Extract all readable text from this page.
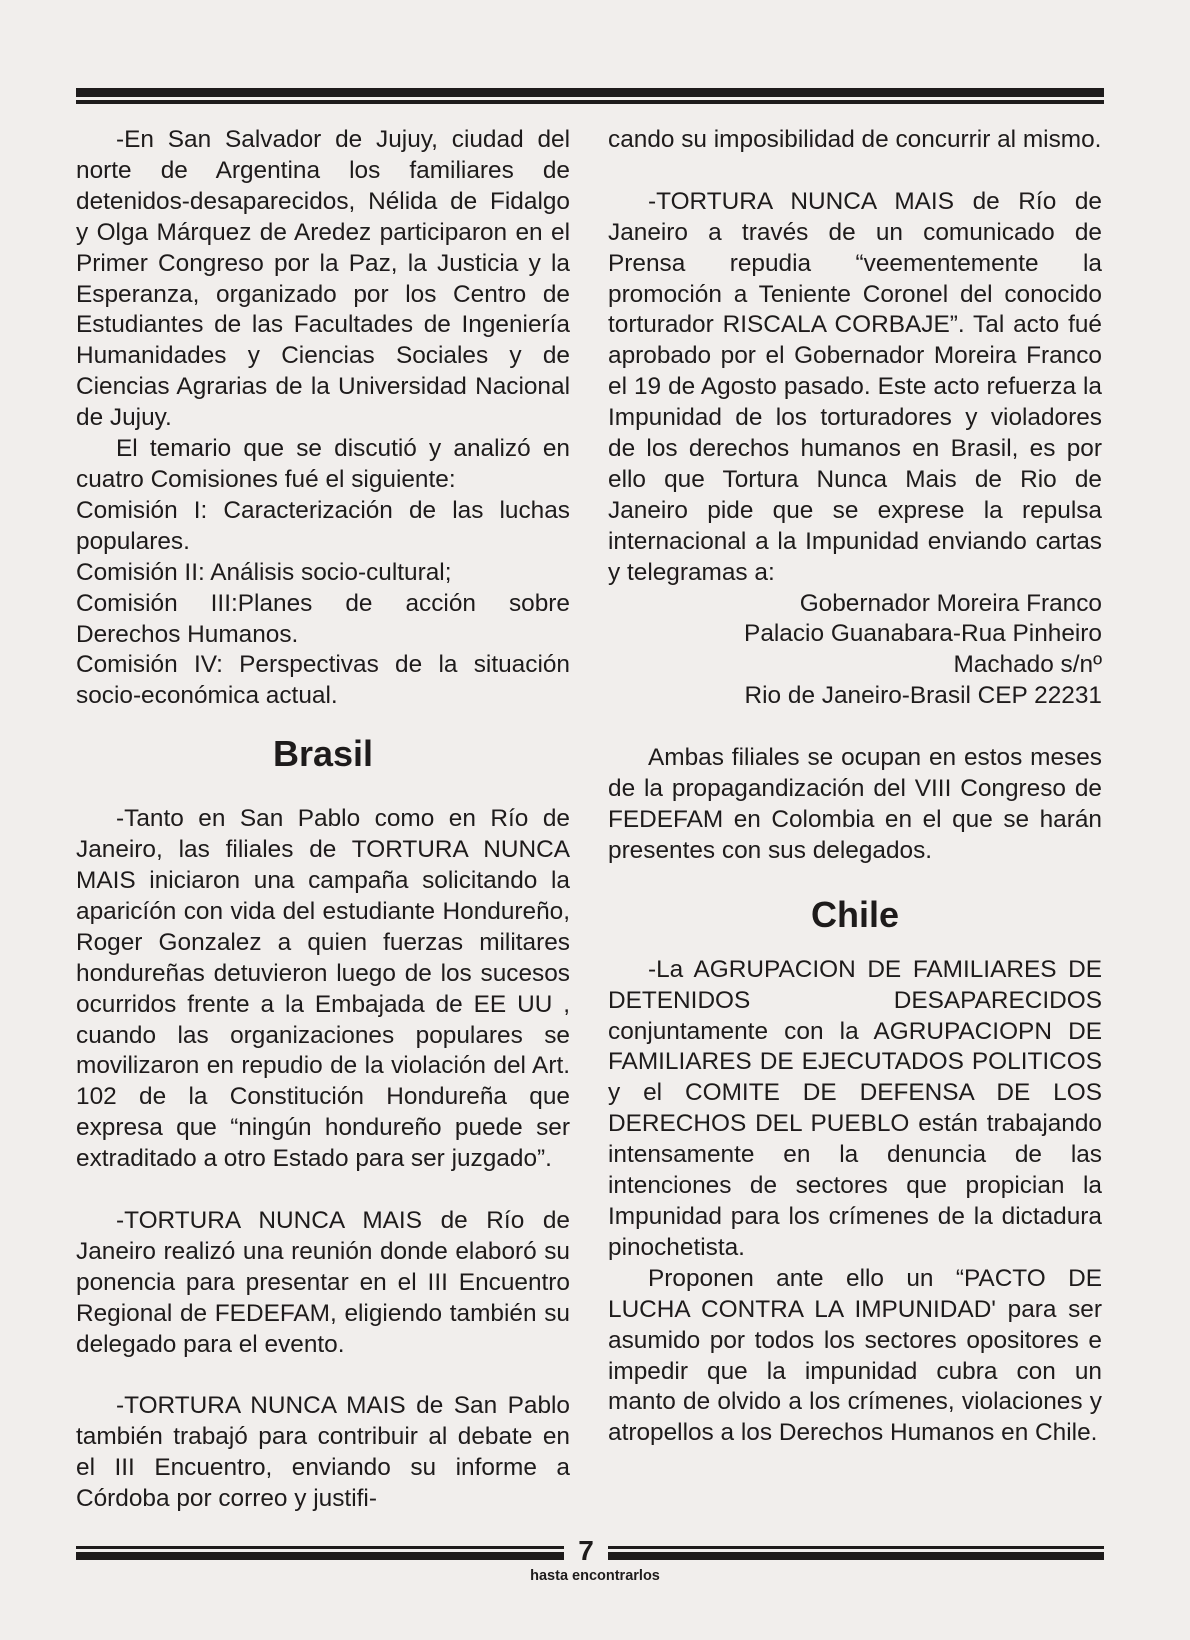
-En San Salvador de Jujuy, ciudad del norte de Argentina los familiares de detenidos-desaparecidos, Nélida de Fidalgo y Olga Márquez de Aredez participaron en el Primer Congreso por la Paz, la Justicia y la Esperanza, organizado por los Centro de Estudiantes de las Facultades de Ingeniería Humanidades y Ciencias Sociales y de Ciencias Agrarias de la Universidad Nacional de Jujuy.

El temario que se discutió y analizó en cuatro Comisiones fué el siguiente:

Comisión I: Caracterización de las luchas populares.

Comisión II: Análisis socio-cultural;

Comisión III:Planes de acción sobre Derechos Humanos.

Comisión IV: Perspectivas de la situación socio-económica actual.

Brasil

-Tanto en San Pablo como en Río de Janeiro, las filiales de TORTURA NUNCA MAIS iniciaron una campaña solicitando la aparicíón con vida del estudiante Hondureño, Roger Gonzalez a quien fuerzas militares hondureñas detuvieron luego de los sucesos ocurridos frente a la Embajada de EE UU , cuando las organizaciones populares se movilizaron en repudio de la violación del Art. 102 de la Constitución Hondureña que expresa que “ningún hondureño puede ser extraditado a otro Estado para ser juzgado”.

-TORTURA NUNCA MAIS de Río de Janeiro realizó una reunión donde elaboró su ponencia para presentar en el III Encuentro Regional de FEDEFAM, eligiendo también su delegado para el evento.

-TORTURA NUNCA MAIS de San Pablo también trabajó para contribuir al debate en el III Encuentro, enviando su informe a Córdoba por correo y justifi-

cando su imposibilidad de concurrir al mismo.

-TORTURA NUNCA MAIS de Río de Janeiro a través de un comunicado de Prensa repudia “veementemente la promoción a Teniente Coronel del conocido torturador RISCALA CORBAJE”. Tal acto fué aprobado por el Gobernador Moreira Franco el 19 de Agosto pasado. Este acto refuerza la Impunidad de los torturadores y violadores de los derechos humanos en Brasil, es por ello que Tortura Nunca Mais de Rio de Janeiro pide que se exprese la repulsa internacional a la Impunidad enviando cartas y telegramas a:

Gobernador Moreira Franco

Palacio Guanabara-Rua Pinheiro

Machado s/nº

Rio de Janeiro-Brasil CEP 22231

Ambas filiales se ocupan en estos meses de la propagandización del VIII Congreso de FEDEFAM en Colombia en el que se harán presentes con sus delegados.

Chile

-La AGRUPACION DE FAMILIARES DE DETENIDOS DESAPARECIDOS conjuntamente con la AGRUPACIOPN DE FAMILIARES DE EJECUTADOS POLITICOS y el COMITE DE DEFENSA DE LOS DERECHOS DEL PUEBLO están trabajando intensamente en la denuncia de las intenciones de sectores que propician la Impunidad para los crímenes de la dictadura pinochetista.

Proponen ante ello un “PACTO DE LUCHA CONTRA LA IMPUNIDAD' para ser asumido por todos los sectores opositores e impedir que la impunidad cubra con un manto de olvido a los crímenes, violaciones y atropellos a los Derechos Humanos en Chile.

7
hasta encontrarlos
